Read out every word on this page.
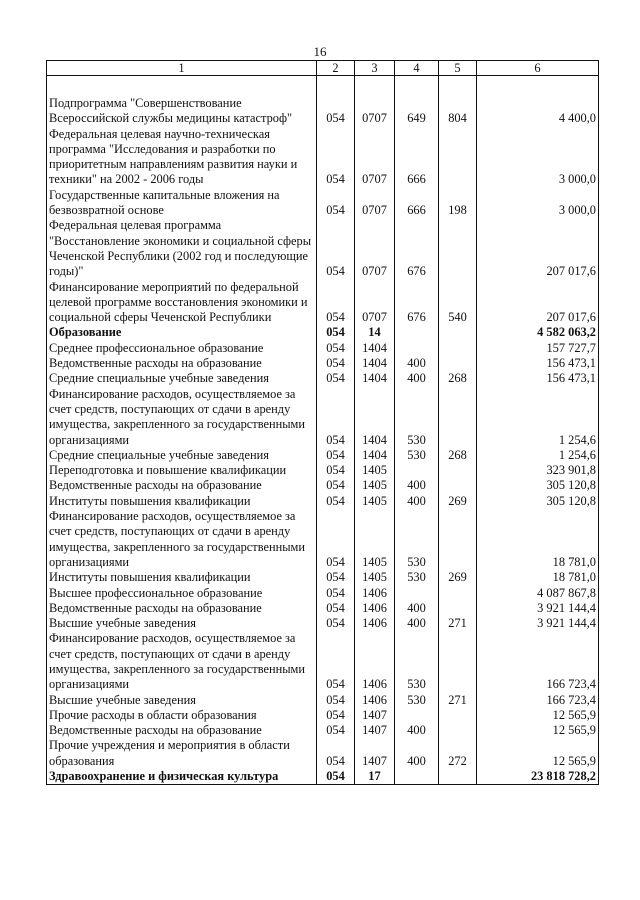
16
1	2	3	4	5	6
Подпрограмма "Совершенствование Всероссийской службы медицины катастроф"	054	0707	649	804	4 400,0
Федеральная целевая научно-техническая программа "Исследования и разработки по приоритетным направлениям развития науки и техники" на 2002 - 2006 годы	054	0707	666		3 000,0
Государственные капитальные вложения на безвозвратной основе	054	0707	666	198	3 000,0
Федеральная целевая программа "Восстановление экономики и социальной сферы Чеченской Республики (2002 год и последующие годы)"	054	0707	676		207 017,6
Финансирование мероприятий по федеральной целевой программе восстановления экономики и социальной сферы Чеченской Республики	054	0707	676	540	207 017,6
Образование	054	14			4 582 063,2
Среднее профессиональное образование	054	1404			157 727,7
Ведомственные расходы на образование	054	1404	400		156 473,1
Средние специальные учебные заведения	054	1404	400	268	156 473,1
Финансирование расходов, осуществляемое за счет средств, поступающих от сдачи в аренду имущества, закрепленного за государственными организациями	054	1404	530		1 254,6
Средние специальные учебные заведения	054	1404	530	268	1 254,6
Переподготовка и повышение квалификации	054	1405			323 901,8
Ведомственные расходы на образование	054	1405	400		305 120,8
Институты повышения квалификации	054	1405	400	269	305 120,8
Финансирование расходов, осуществляемое за счет средств, поступающих от сдачи в аренду имущества, закрепленного за государственными организациями	054	1405	530		18 781,0
Институты повышения квалификации	054	1405	530	269	18 781,0
Высшее профессиональное образование	054	1406			4 087 867,8
Ведомственные расходы на образование	054	1406	400		3 921 144,4
Высшие учебные заведения	054	1406	400	271	3 921 144,4
Финансирование расходов, осуществляемое за счет средств, поступающих от сдачи в аренду имущества, закрепленного за государственными организациями	054	1406	530		166 723,4
Высшие учебные заведения	054	1406	530	271	166 723,4
Прочие расходы в области образования	054	1407			12 565,9
Ведомственные расходы на образование	054	1407	400		12 565,9
Прочие учреждения и мероприятия в области образования	054	1407	400	272	12 565,9
Здравоохранение и физическая культура	054	17			23 818 728,2
